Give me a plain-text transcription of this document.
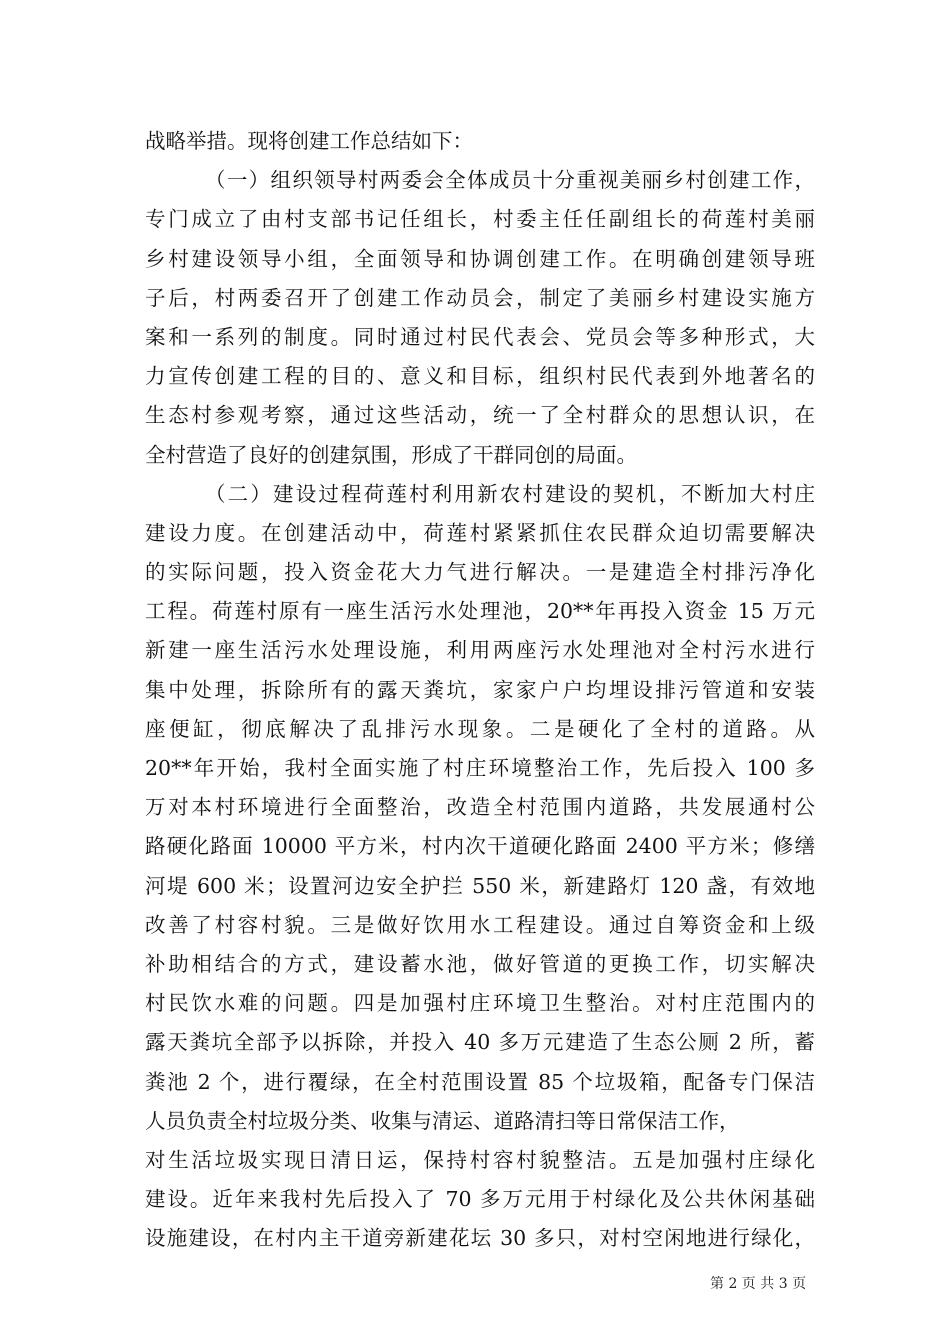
战略举措。现将创建工作总结如下：
（一）组织领导村两委会全体成员十分重视美丽乡村创建工作，
专门成立了由村支部书记任组长，村委主任任副组长的荷莲村美丽
乡村建设领导小组，全面领导和协调创建工作。在明确创建领导班
子后，村两委召开了创建工作动员会，制定了美丽乡村建设实施方
案和一系列的制度。同时通过村民代表会、党员会等多种形式，大
力宣传创建工程的目的、意义和目标，组织村民代表到外地著名的
生态村参观考察，通过这些活动，统一了全村群众的思想认识，在
全村营造了良好的创建氛围，形成了干群同创的局面。
（二）建设过程荷莲村利用新农村建设的契机，不断加大村庄
建设力度。在创建活动中，荷莲村紧紧抓住农民群众迫切需要解决
的实际问题，投入资金花大力气进行解决。一是建造全村排污净化
工程。荷莲村原有一座生活污水处理池，20**年再投入资金 15 万元
新建一座生活污水处理设施，利用两座污水处理池对全村污水进行
集中处理，拆除所有的露天粪坑，家家户户均埋设排污管道和安装
座便缸，彻底解决了乱排污水现象。二是硬化了全村的道路。从
20**年开始，我村全面实施了村庄环境整治工作，先后投入 100 多
万对本村环境进行全面整治，改造全村范围内道路，共发展通村公
路硬化路面 10000 平方米，村内次干道硬化路面 2400 平方米；修缮
河堤 600 米；设置河边安全护拦 550 米，新建路灯 120 盏，有效地
改善了村容村貌。三是做好饮用水工程建设。通过自筹资金和上级
补助相结合的方式，建设蓄水池，做好管道的更换工作，切实解决
村民饮水难的问题。四是加强村庄环境卫生整治。对村庄范围内的
露天粪坑全部予以拆除，并投入 40 多万元建造了生态公厕 2 所，蓄
粪池 2 个，进行覆绿，在全村范围设置 85 个垃圾箱，配备专门保洁
人员负责全村垃圾分类、收集与清运、道路清扫等日常保洁工作，
对生活垃圾实现日清日运，保持村容村貌整洁。五是加强村庄绿化
建设。近年来我村先后投入了 70 多万元用于村绿化及公共休闲基础
设施建设，在村内主干道旁新建花坛 30 多只，对村空闲地进行绿化，
第 2 页 共 3 页
